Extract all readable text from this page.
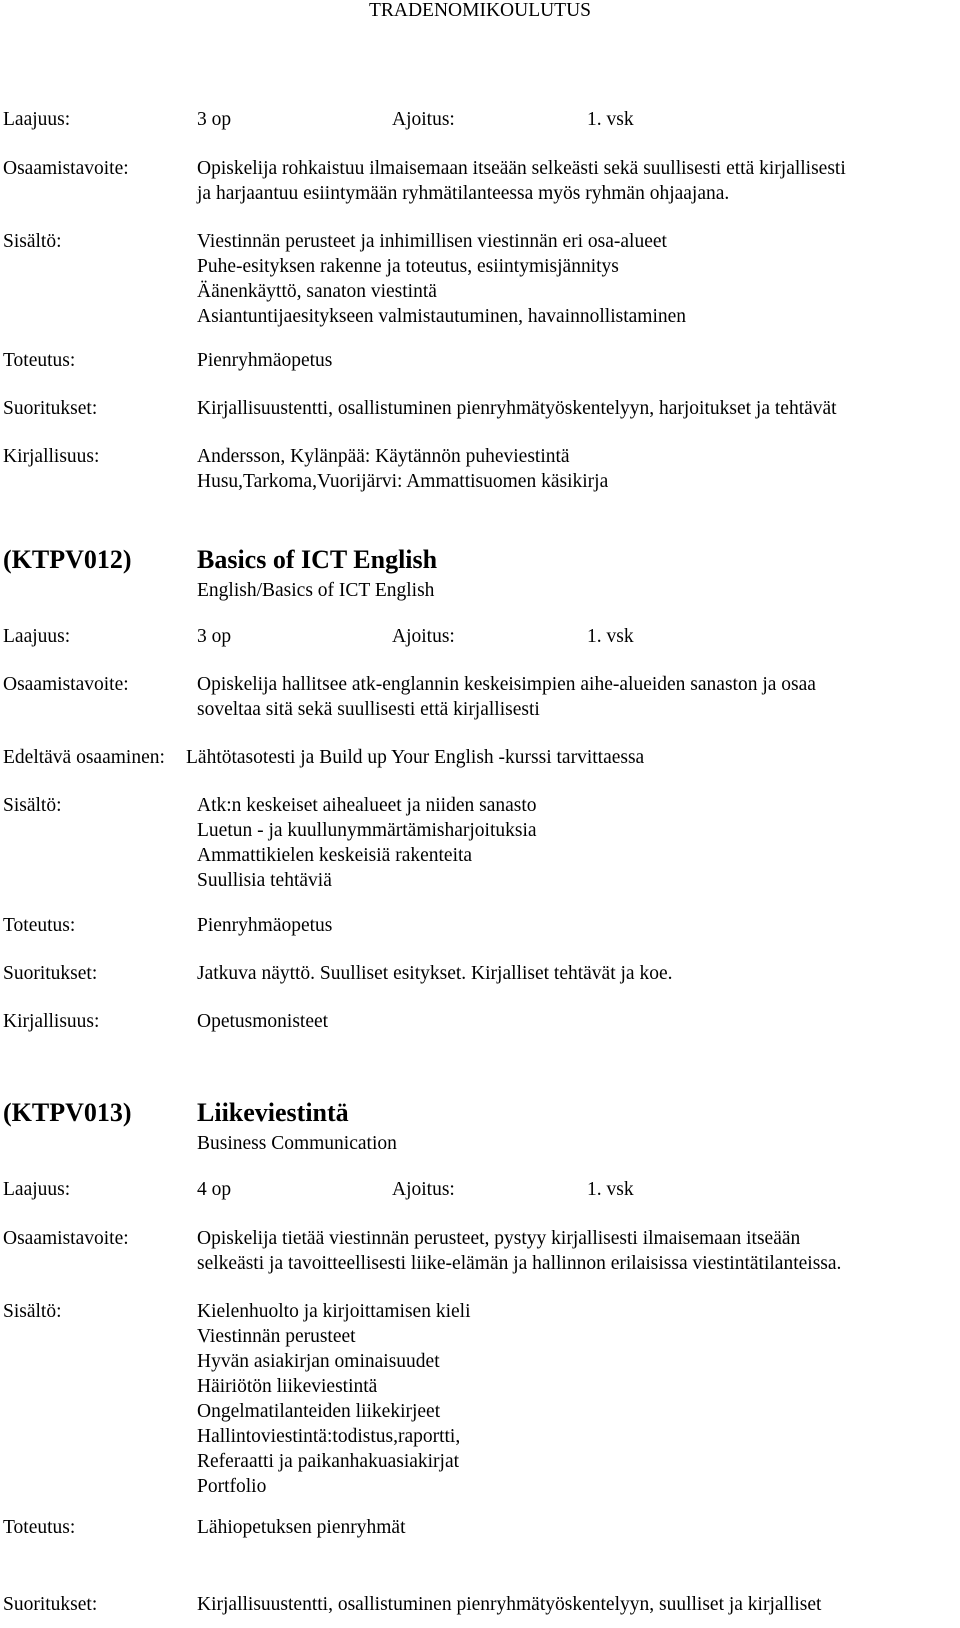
TRADENOMIKOULUTUS
Laajuus:	3 op	Ajoitus:	1. vsk
Osaamistavoite:	Opiskelija rohkaistuu ilmaisemaan itseään selkeästi sekä suullisesti että kirjallisesti
ja harjaantuu esiintymään ryhmätilanteessa myös ryhmän ohjaajana.
Sisältö:	Viestinnän perusteet ja inhimillisen viestinnän eri osa-alueet
Puhe-esityksen rakenne ja toteutus, esiintymisjännitys
Äänenkäyttö, sanaton viestintä
Asiantuntijaesitykseen valmistautuminen, havainnollistaminen
Toteutus:	Pienryhmäopetus
Suoritukset:	Kirjallisuustentti, osallistuminen pienryhmätyöskentelyyn, harjoitukset ja tehtävät
Kirjallisuus:	Andersson, Kylänpää: Käytännön puheviestintä
Husu,Tarkoma,Vuorijärvi: Ammattisuomen käsikirja
(KTPV012)	Basics of ICT English
English/Basics of ICT English
Laajuus:	3 op	Ajoitus:	1. vsk
Osaamistavoite:	Opiskelija hallitsee atk-englannin keskeisimpien aihe-alueiden sanaston ja osaa
soveltaa sitä sekä suullisesti että kirjallisesti
Edeltävä osaaminen: Lähtötasotesti ja Build up Your English -kurssi tarvittaessa
Sisältö:	Atk:n keskeiset aihealueet ja niiden sanasto
Luetun - ja kuullunymmärtämisharjoituksia
Ammattikielen keskeisiä rakenteita
Suullisia tehtäviä
Toteutus:	Pienryhmäopetus
Suoritukset:	Jatkuva näyttö. Suulliset esitykset. Kirjalliset tehtävät ja koe.
Kirjallisuus:	Opetusmonisteet
(KTPV013)	Liikeviestintä
Business Communication
Laajuus:	4 op	Ajoitus:	1. vsk
Osaamistavoite:	Opiskelija tietää viestinnän perusteet, pystyy kirjallisesti ilmaisemaan itseään
selkeästi ja tavoitteellisesti liike-elämän ja hallinnon erilaisissa viestintätilanteissa.
Sisältö:	Kielenhuolto ja kirjoittamisen kieli
Viestinnän perusteet
Hyvän asiakirjan ominaisuudet
Häiriötön liikeviestintä
Ongelmatilanteiden liikekirjeet
Hallintoviestintä:todistus,raportti,
Referaatti ja paikanhakuasiakirjat
Portfolio
Toteutus:	Lähiopetuksen pienryhmät
Suoritukset:	Kirjallisuustentti, osallistuminen pienryhmätyöskentelyyn, suulliset ja kirjalliset
